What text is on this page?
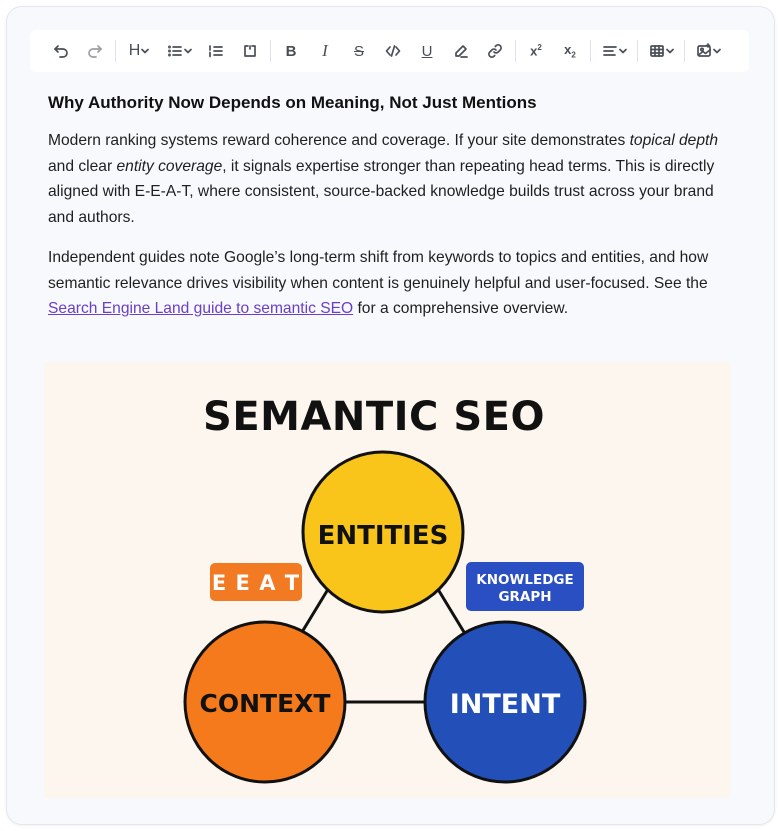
H	B I S	U	$x^2$ $x_2$
Why Authority Now Depends on Meaning, Not Just Mentions

Modern ranking systems reward coherence and coverage. If your site demonstrates topical depth and clear entity coverage, it signals expertise stronger than repeating head terms. This is directly aligned with E-E-A-T, where consistent, source-backed knowledge builds trust across your brand and authors.

Independent guides note Google’s long-term shift from keywords to topics and entities, and how semantic relevance drives visibility when content is genuinely helpful and user-focused. See the Search Engine Land guide to semantic SEO for a comprehensive overview.

SEMANTIC SEO
ENTITIES
CONTEXT	INTENT
E E A T	KNOWLEDGE
GRAPH
